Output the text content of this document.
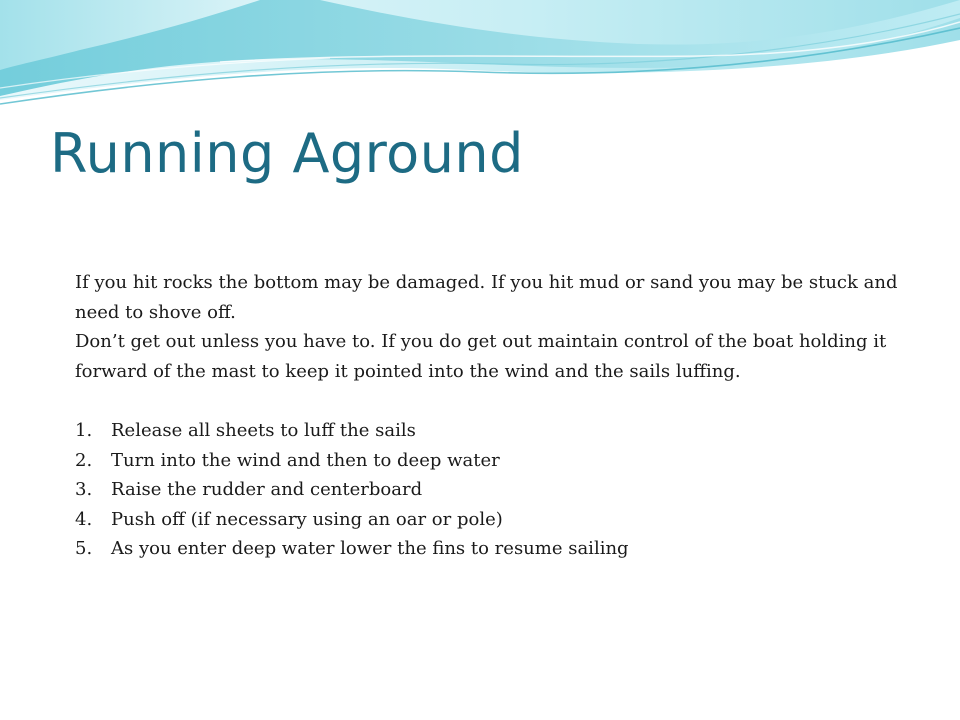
Running Aground

If you hit rocks the bottom may be damaged. If you hit mud or sand you may be stuck and need to shove off.

Don’t get out unless you have to. If you do get out maintain control of the boat holding it forward of the mast to keep it pointed into the wind and the sails luffing.

1. Release all sheets to luff the sails
2. Turn into the wind and then to deep water
3. Raise the rudder and centerboard
4. Push off (if necessary using an oar or pole)
5. As you enter deep water lower the fins to resume sailing
